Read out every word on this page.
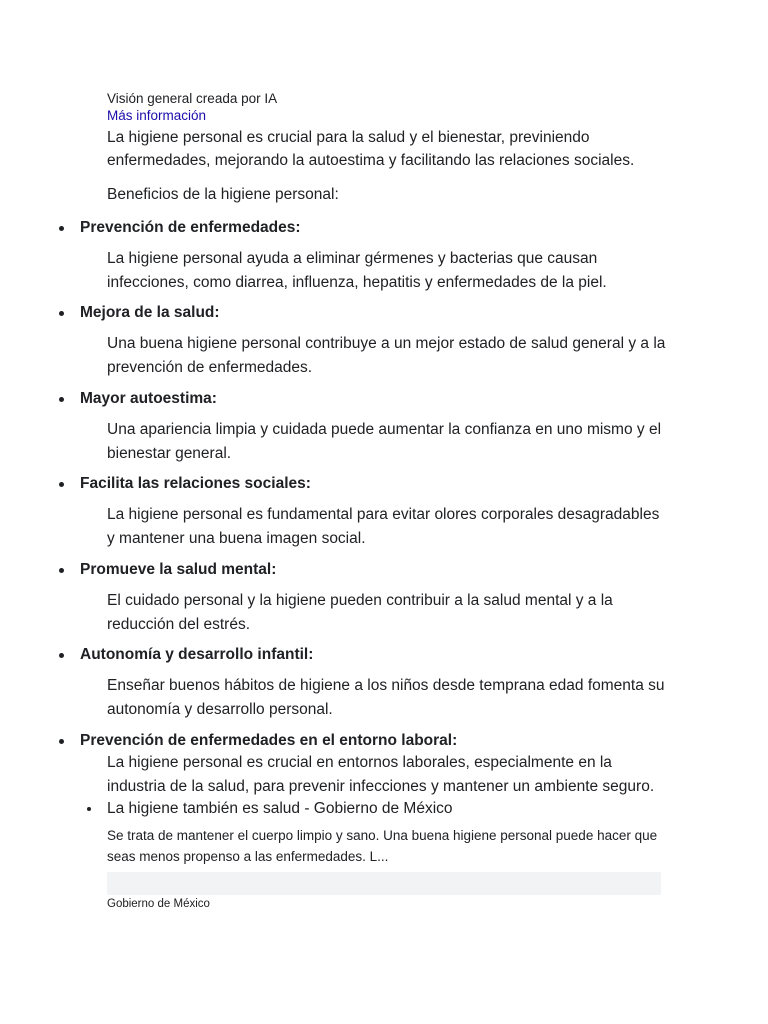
Visión general creada por IA
Más información

La higiene personal es crucial para la salud y el bienestar, previniendo enfermedades, mejorando la autoestima y facilitando las relaciones sociales.

Beneficios de la higiene personal:

Prevención de enfermedades:

La higiene personal ayuda a eliminar gérmenes y bacterias que causan infecciones, como diarrea, influenza, hepatitis y enfermedades de la piel.

Mejora de la salud:

Una buena higiene personal contribuye a un mejor estado de salud general y a la prevención de enfermedades.

Mayor autoestima:

Una apariencia limpia y cuidada puede aumentar la confianza en uno mismo y el bienestar general.

Facilita las relaciones sociales:

La higiene personal es fundamental para evitar olores corporales desagradables y mantener una buena imagen social.

Promueve la salud mental:

El cuidado personal y la higiene pueden contribuir a la salud mental y a la reducción del estrés.

Autonomía y desarrollo infantil:

Enseñar buenos hábitos de higiene a los niños desde temprana edad fomenta su autonomía y desarrollo personal.

Prevención de enfermedades en el entorno laboral:

La higiene personal es crucial en entornos laborales, especialmente en la industria de la salud, para prevenir infecciones y mantener un ambiente seguro.

La higiene también es salud - Gobierno de México

Se trata de mantener el cuerpo limpio y sano. Una buena higiene personal puede hacer que seas menos propenso a las enfermedades. L...

Gobierno de México
